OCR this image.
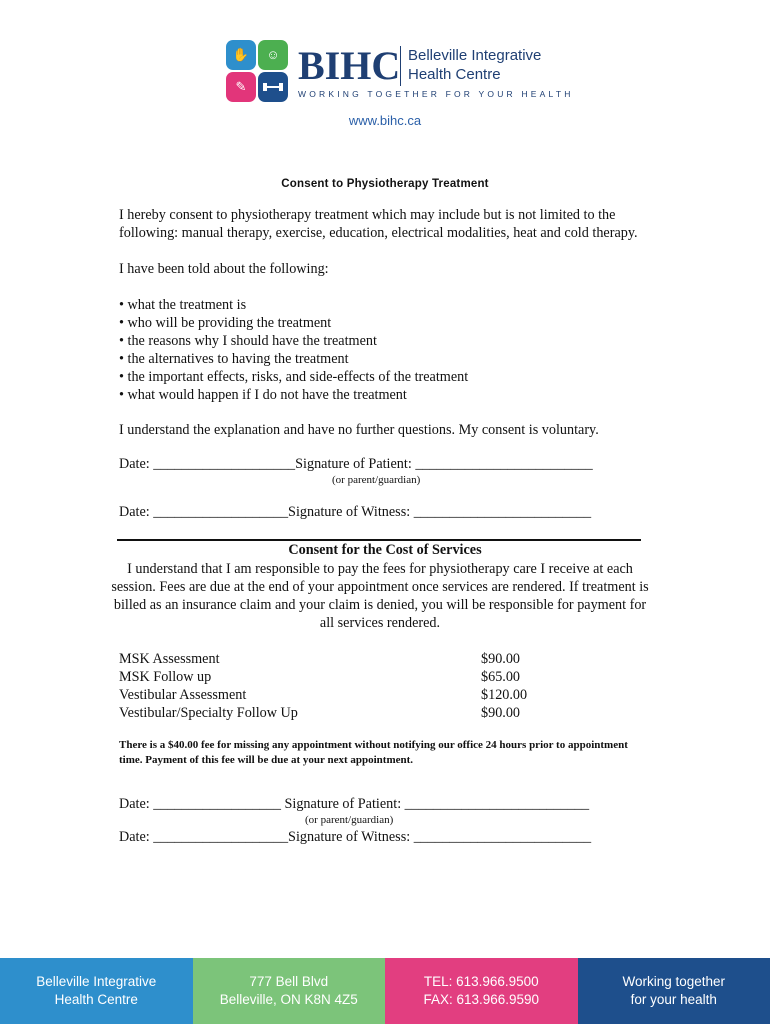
✋	☺
✎ BIHC Belleville Integrative
Health Centre
WORKING TOGETHER FOR YOUR HEALTH
www.bihc.ca
Consent to Physiotherapy Treatment
I hereby consent to physiotherapy treatment which may include but is not limited to the following: manual therapy, exercise, education, electrical modalities, heat and cold therapy.
I have been told about the following:
• what the treatment is
• who will be providing the treatment
• the reasons why I should have the treatment
• the alternatives to having the treatment
• the important effects, risks, and side-effects of the treatment
• what would happen if I do not have the treatment
I understand the explanation and have no further questions. My consent is voluntary.
Date: ____________________Signature of Patient: _________________________
(or parent/guardian)
Date: ___________________Signature of Witness: _________________________
Consent for the Cost of Services
I understand that I am responsible to pay the fees for physiotherapy care I receive at each session. Fees are due at the end of your appointment once services are rendered. If treatment is billed as an insurance claim and your claim is denied, you will be responsible for payment for all services rendered.
MSK Assessment	$90.00
MSK Follow up	$65.00
Vestibular Assessment	$120.00
Vestibular/Specialty Follow Up	$90.00
There is a $40.00 fee for missing any appointment without notifying our office 24 hours prior to appointment time. Payment of this fee will be due at your next appointment.
Date: __________________ Signature of Patient: __________________________
(or parent/guardian)
Date: ___________________Signature of Witness: _________________________
Belleville Integrative
Health Centre
777 Bell Blvd
Belleville, ON K8N 4Z5
TEL: 613.966.9500
FAX: 613.966.9590
Working together
for your health
